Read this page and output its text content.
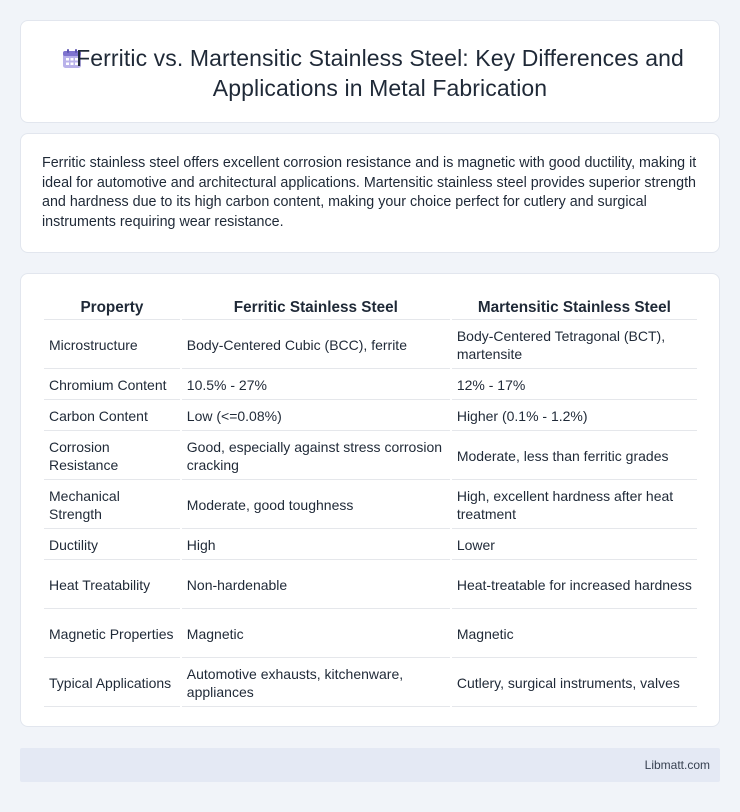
Ferritic vs. Martensitic Stainless Steel: Key Differences and Applications in Metal Fabrication

Ferritic stainless steel offers excellent corrosion resistance and is magnetic with good ductility, making it ideal for automotive and architectural applications. Martensitic stainless steel provides superior strength and hardness due to its high carbon content, making your choice perfect for cutlery and surgical instruments requiring wear resistance.

Property	Ferritic Stainless Steel	Martensitic Stainless Steel
Microstructure	Body-Centered Cubic (BCC), ferrite	Body-Centered Tetragonal (BCT), martensite
Chromium Content	10.5% - 27%	12% - 17%
Carbon Content	Low (<=0.08%)	Higher (0.1% - 1.2%)
Corrosion Resistance	Good, especially against stress corrosion cracking	Moderate, less than ferritic grades
Mechanical Strength	Moderate, good toughness	High, excellent hardness after heat treatment
Ductility	High	Lower
Heat Treatability	Non-hardenable	Heat-treatable for increased hardness
Magnetic Properties	Magnetic	Magnetic
Typical Applications	Automotive exhausts, kitchenware, appliances	Cutlery, surgical instruments, valves
Libmatt.com
